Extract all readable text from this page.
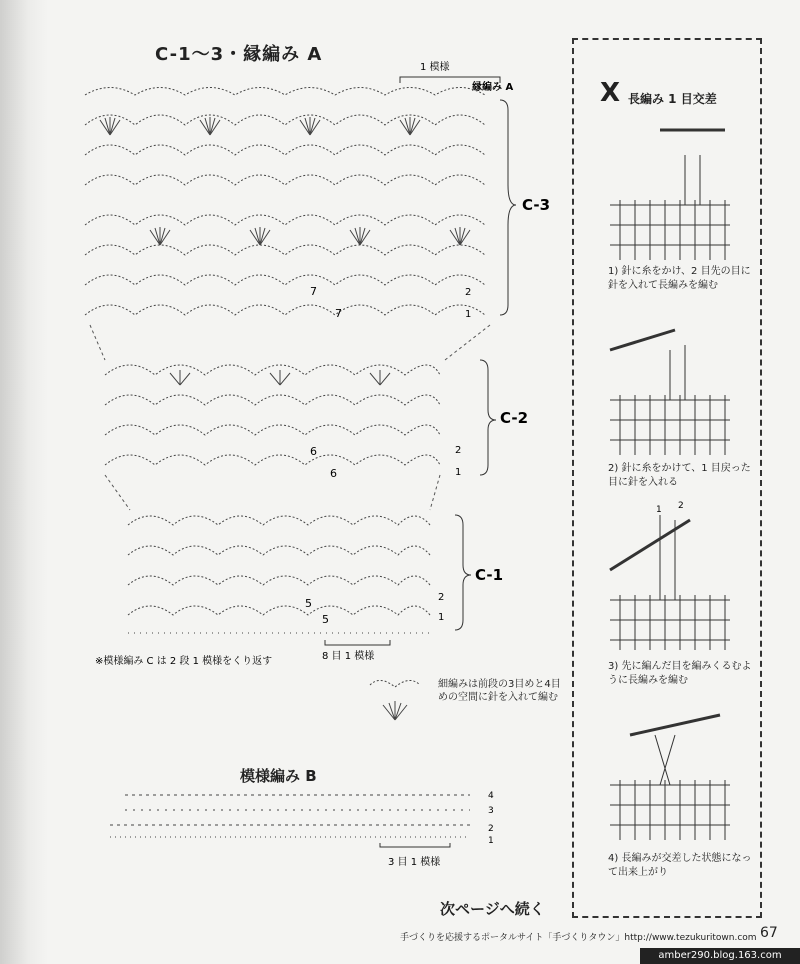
C-1～3・縁編み A
1 模様
縁編み A
7
7
C-3
2
1
6
6
C-2
2
1
5
5
C-1
2
1
8 目 1 模様
※模様編み C は 2 段 1 模様をくり返す
細編みは前段の3目めと4目めの空間に針を入れて編む
模様編み B
4
3
2
1
3 目 1 模様
次ページへ続く
X 長編み 1 目交差
1) 針に糸をかけ、2 目先の目に針を入れて長編みを編む
2) 針に糸をかけて、1 目戻った目に針を入れる
1 2
3) 先に編んだ目を編みくるむように長編みを編む
4) 長編みが交差した状態になって出来上がり
手づくりを応援するポータルサイト「手づくりタウン」http://www.tezukuritown.com 67
amber290.blog.163.com
